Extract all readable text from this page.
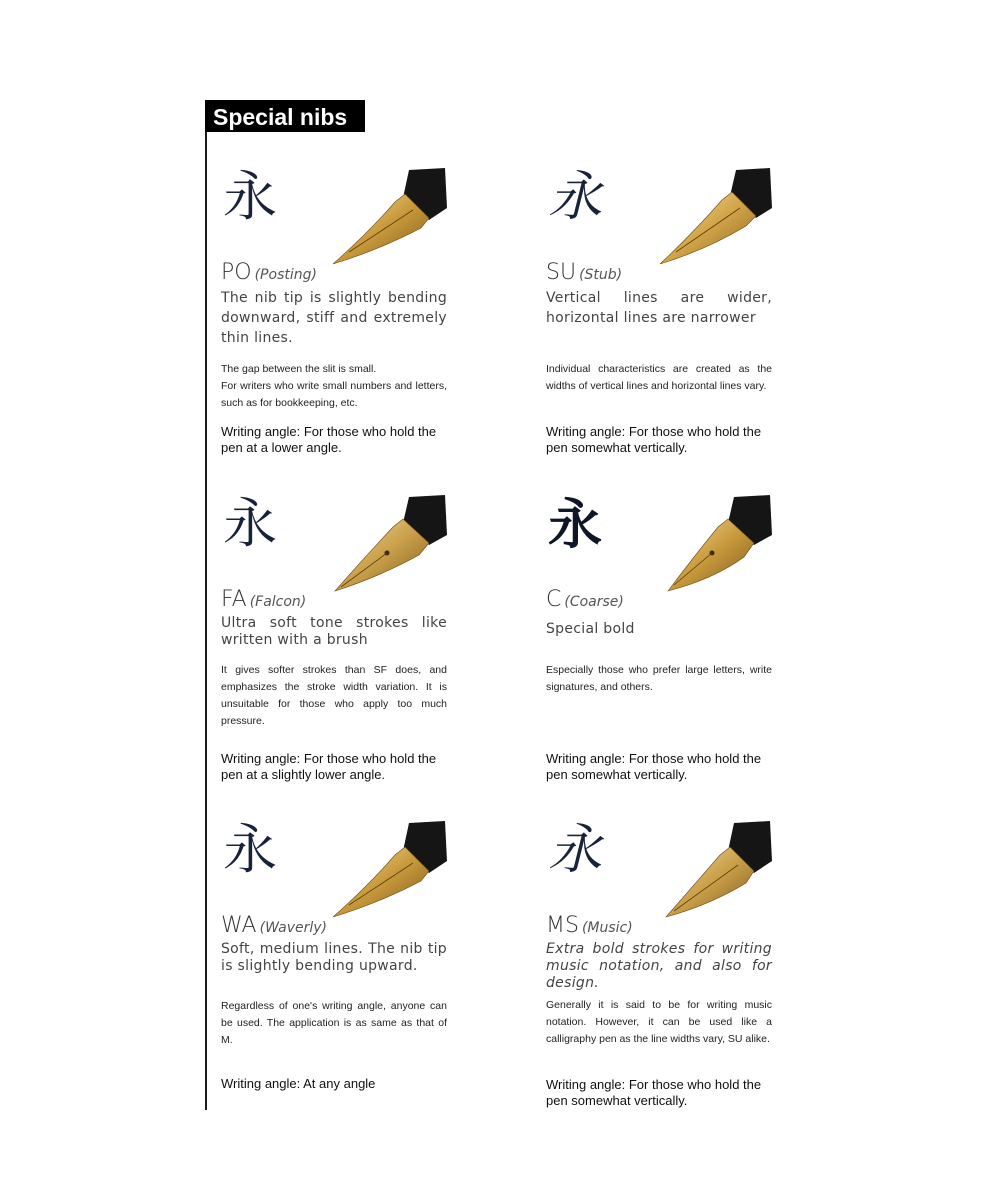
Special nibs
永
PO (Posting)
The nib tip is slightly bending downward, stiff and extremely thin lines.
The gap between the slit is small.
For writers who write small numbers and letters, such as for bookkeeping, etc.
Writing angle: For those who hold the pen at a lower angle.
永
SU (Stub)
Vertical lines are wider, horizontal lines are narrower
Individual characteristics are created as the widths of vertical lines and horizontal lines vary.
Writing angle: For those who hold the pen somewhat vertically.
永
FA (Falcon)
Ultra soft tone strokes like written with a brush
It gives softer strokes than SF does, and emphasizes the stroke width variation. It is unsuitable for those who apply too much pressure.
Writing angle: For those who hold the pen at a slightly lower angle.
永
C (Coarse)
Special bold
Especially those who prefer large letters, write signatures, and others.
Writing angle: For those who hold the pen somewhat vertically.
永
WA (Waverly)
Soft, medium lines. The nib tip is slightly bending upward.
Regardless of one's writing angle, anyone can be used. The application is as same as that of M.
Writing angle: At any angle
永
MS (Music)
Extra bold strokes for writing music notation, and also for design.
Generally it is said to be for writing music notation. However, it can be used like a calligraphy pen as the line widths vary, SU alike.
Writing angle: For those who hold the pen somewhat vertically.
